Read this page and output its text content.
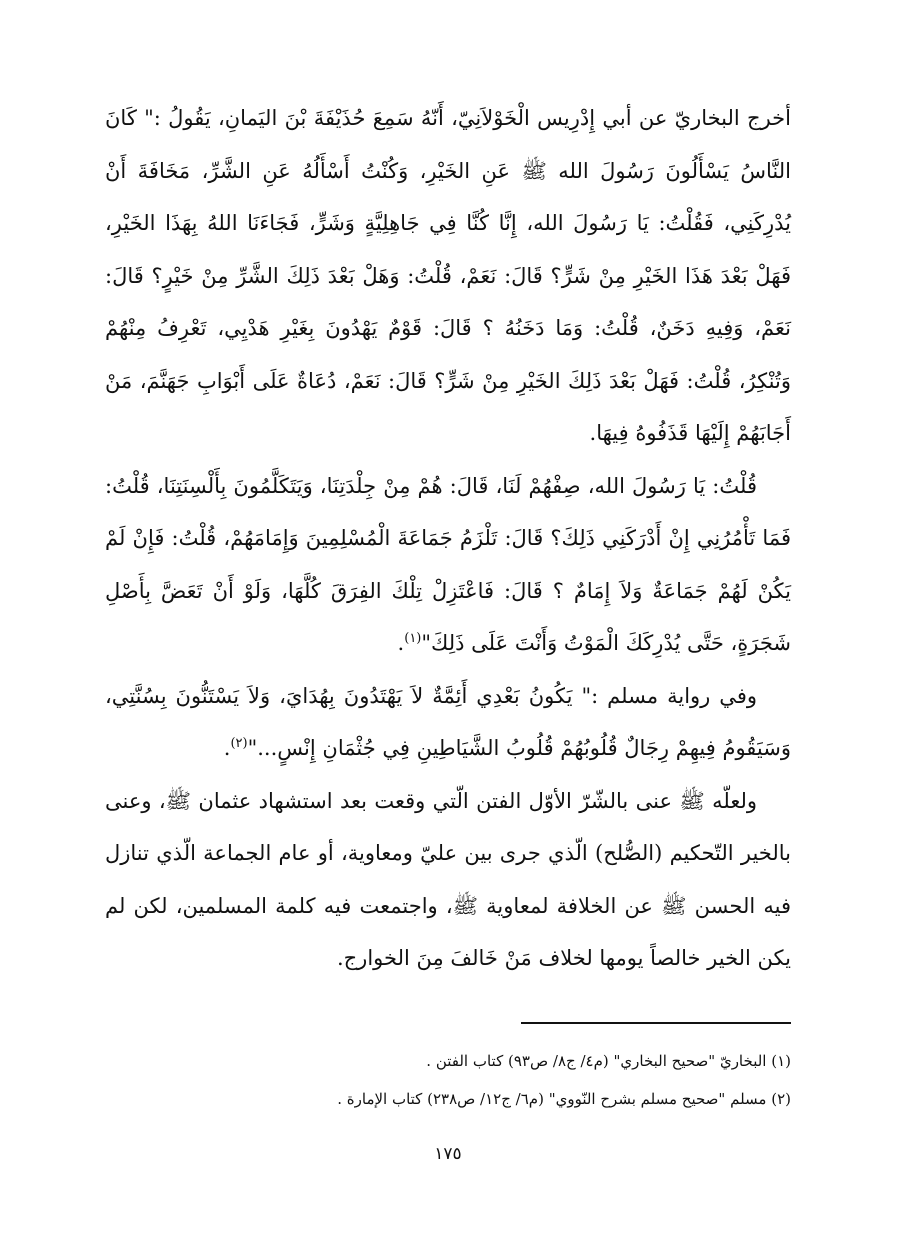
أخرج البخاريّ عن أبي إِدْرِيس الْخَوْلاَنِيّ، أَنّهُ سَمِعَ حُذَيْفَةَ بْنَ اليَمانِ، يَقُولُ :" كَانَ النَّاسُ يَسْأَلُونَ رَسُولَ الله ﷺ عَنِ الخَيْرِ، وَكُنْتُ أَسْأَلُهُ عَنِ الشَّرِّ، مَخَافَةَ أَنْ يُدْرِكَنِي، فَقُلْتُ: يَا رَسُولَ الله، إِنَّا كُنَّا فِي جَاهِلِيَّةٍ وَشَرٍّ، فَجَاءَنَا اللهُ بِهَذَا الخَيْرِ، فَهَلْ بَعْدَ هَذَا الخَيْرِ مِنْ شَرٍّ؟ قَالَ: نَعَمْ، قُلْتُ: وَهَلْ بَعْدَ ذَلِكَ الشَّرِّ مِنْ خَيْرٍ؟ قَالَ: نَعَمْ، وَفِيهِ دَخَنٌ، قُلْتُ: وَمَا دَخَنُهُ ؟ قَالَ: قَوْمٌ يَهْدُونَ بِغَيْرِ هَدْيِي، تَعْرِفُ مِنْهُمْ وَتُنْكِرُ، قُلْتُ: فَهَلْ بَعْدَ ذَلِكَ الخَيْرِ مِنْ شَرٍّ؟ قَالَ: نَعَمْ، دُعَاةٌ عَلَى أَبْوَابِ جَهَنَّمَ، مَنْ أَجَابَهُمْ إِلَيْهَا قَذَفُوهُ فِيهَا.

قُلْتُ: يَا رَسُولَ الله، صِفْهُمْ لَنَا، قَالَ: هُمْ مِنْ جِلْدَتِنَا، وَيَتَكَلَّمُونَ بِأَلْسِنَتِنَا، قُلْتُ: فَمَا تَأْمُرُنِي إِنْ أَدْرَكَنِي ذَلِكَ؟ قَالَ: تَلْزَمُ جَمَاعَةَ الْمُسْلِمِينَ وَإِمَامَهُمْ، قُلْتُ: فَإِنْ لَمْ يَكُنْ لَهُمْ جَمَاعَةٌ وَلاَ إِمَامٌ ؟ قَالَ: فَاعْتَزِلْ تِلْكَ الفِرَقَ كُلَّهَا، وَلَوْ أَنْ تَعَضَّ بِأَصْلِ شَجَرَةٍ، حَتَّى يُدْرِكَكَ الْمَوْتُ وَأَنْتَ عَلَى ذَلِكَ"$^{(١)}$.

وفي رواية مسلم :" يَكُونُ بَعْدِي أَئِمَّةٌ لاَ يَهْتَدُونَ بِهُدَايَ، وَلاَ يَسْتَنُّونَ بِسُنَّتِي، وَسَيَقُومُ فِيهِمْ رِجَالٌ قُلُوبُهُمْ قُلُوبُ الشَّيَاطِينِ فِي جُثْمَانِ إِنْسٍ..."$^{(٢)}$.

ولعلّه ﷺ عنى بالشّرّ الأوّل الفتن الّتي وقعت بعد استشهاد عثمان ﷺ، وعنى بالخير التّحكيم (الصُّلح) الّذي جرى بين عليّ ومعاوية، أو عام الجماعة الّذي تنازل فيه الحسن ﷺ عن الخلافة لمعاوية ﷺ، واجتمعت فيه كلمة المسلمين، لكن لم يكن الخير خالصاً يومها لخلاف مَنْ خَالفَ مِنَ الخوارج.

(١) البخاريّ "صحيح البخاري" (م٤/ ج٨/ ص٩٣) كتاب الفتن .

(٢) مسلم "صحيح مسلم بشرح النّووي" (م٦/ ج١٢/ ص٢٣٨) كتاب الإمارة .

١٧٥
